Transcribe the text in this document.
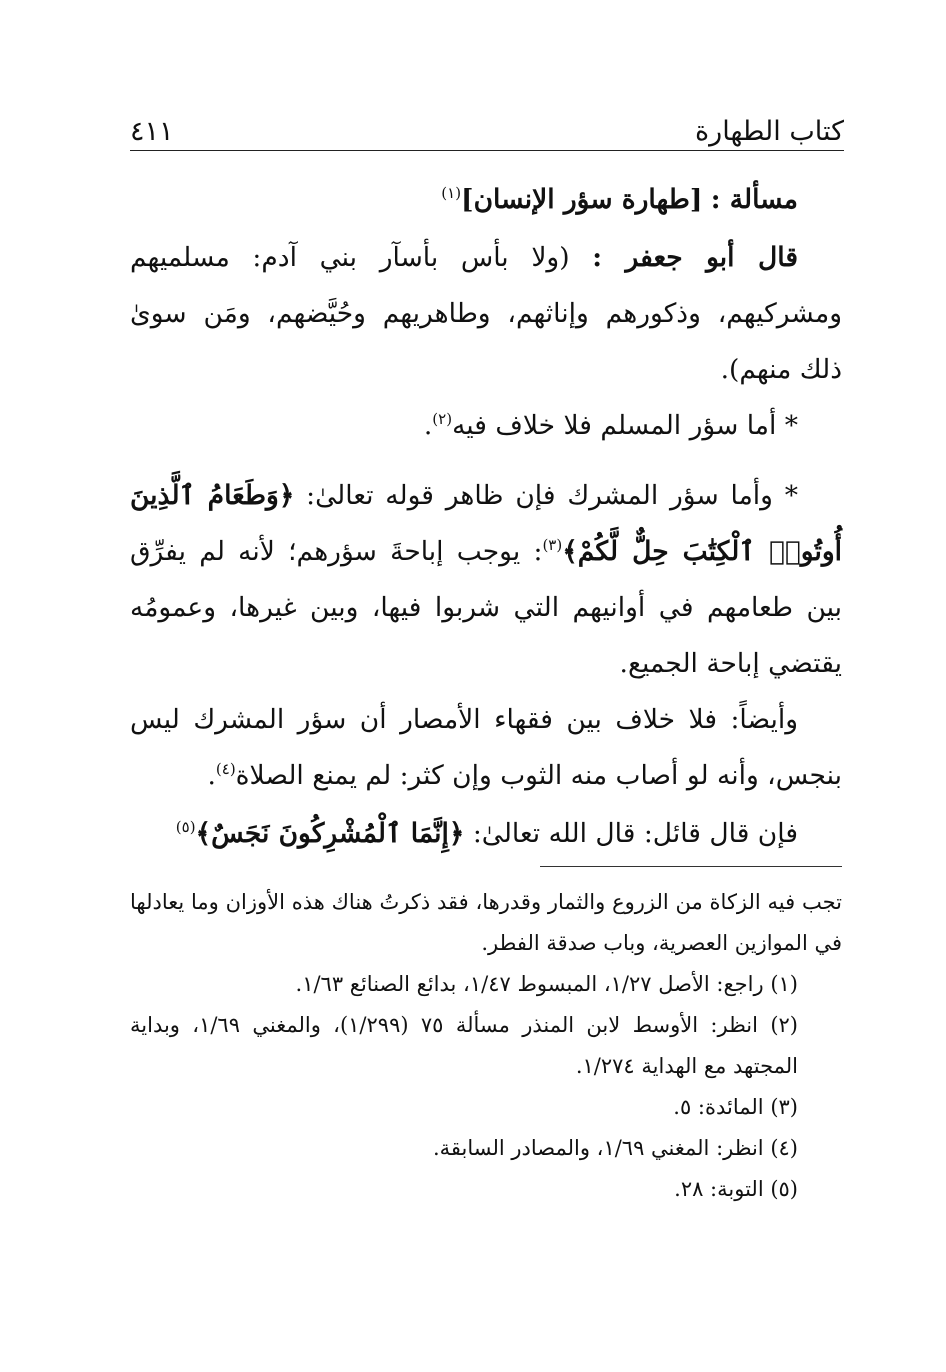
٤١١	كتاب الطهارة

مسألة : [طهارة سؤر الإنسان]$^{(١)}$

قال أبو جعفر : (ولا بأس بأسآر بني آدم: مسلميهم ومشركيهم، وذكورهم وإناثهم، وطاهريهم وحُيَّضهم، ومَن سوىٰ ذلك منهم).

* أما سؤر المسلم فلا خلاف فيه$^{(٢)}$.

* وأما سؤر المشرك فإن ظاهر قوله تعالىٰ: ﴿وَطَعَامُ ٱلَّذِينَ أُوتُوا۟ ٱلْكِتَٰبَ حِلٌّ لَّكُمْ﴾$^{(٣)}$: يوجب إباحةَ سؤرهم؛ لأنه لم يفرِّق بين طعامهم في أوانيهم التي شربوا فيها، وبين غيرها، وعمومُه يقتضي إباحة الجميع.

وأيضاً: فلا خلاف بين فقهاء الأمصار أن سؤر المشرك ليس بنجس، وأنه لو أصاب منه الثوب وإن كثر: لم يمنع الصلاة$^{(٤)}$.

فإن قال قائل: قال الله تعالىٰ: ﴿إِنَّمَا ٱلْمُشْرِكُونَ نَجَسٌ﴾$^{(٥)}$

تجب فيه الزكاة من الزروع والثمار وقدرها، فقد ذكرتُ هناك هذه الأوزان وما يعادلها في الموازين العصرية، وباب صدقة الفطر.

(١) راجع: الأصل ١/٢٧، المبسوط ١/٤٧، بدائع الصنائع ١/٦٣.

(٢) انظر: الأوسط لابن المنذر مسألة ٧٥ (١/٢٩٩)، والمغني ١/٦٩، وبداية المجتهد مع الهداية ١/٢٧٤.

(٣) المائدة: ٥.

(٤) انظر: المغني ١/٦٩، والمصادر السابقة.

(٥) التوبة: ٢٨.
